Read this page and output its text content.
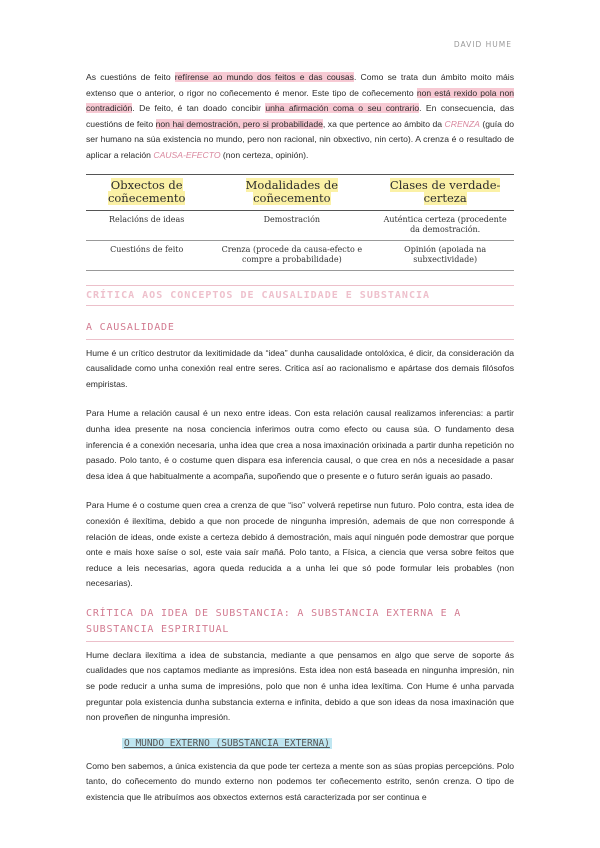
DAVID HUME

As cuestións de feito refírense ao mundo dos feitos e das cousas. Como se trata dun ámbito moito máis extenso que o anterior, o rigor no coñecemento é menor. Este tipo de coñecemento non está rexido pola non contradición. De feito, é tan doado concibir unha afirmación coma o seu contrario. En consecuencia, das cuestións de feito non hai demostración, pero si probabilidade, xa que pertence ao ámbito da CRENZA (guía do ser humano na súa existencia no mundo, pero non racional, nin obxectivo, nin certo). A crenza é o resultado de aplicar a relación CAUSA-EFECTO (non certeza, opinión).

Obxectos de coñecemento	Modalidades de coñecemento	Clases de verdade-certeza
Relacións de ideas	Demostración	Auténtica certeza (procedente da demostración.
Cuestións de feito	Crenza (procede da causa-efecto e compre a probabilidade)	Opinión (apoiada na subxectividade)
CRÍTICA AOS CONCEPTOS DE CAUSALIDADE E SUBSTANCIA
A CAUSALIDADE

Hume é un crítico destrutor da lexitimidade da “idea” dunha causalidade ontolóxica, é dicir, da consideración da causalidade como unha conexión real entre seres. Critica así ao racionalismo e apártase dos demais filósofos empiristas.

Para Hume a relación causal é un nexo entre ideas. Con esta relación causal realizamos inferencias: a partir dunha idea presente na nosa conciencia inferimos outra como efecto ou causa súa. O fundamento desa inferencia é a conexión necesaria, unha idea que crea a nosa imaxinación orixinada a partir dunha repetición no pasado. Polo tanto, é o costume quen dispara esa inferencia causal, o que crea en nós a necesidade a pasar desa idea á que habitualmente a acompaña, supoñendo que o presente e o futuro serán iguais ao pasado.

Para Hume é o costume quen crea a crenza de que “iso” volverá repetirse nun futuro. Polo contra, esta idea de conexión é ilexítima, debido a que non procede de ningunha impresión, ademais de que non corresponde á relación de ideas, onde existe a certeza debido á demostración, mais aquí ninguén pode demostrar que porque onte e mais hoxe saíse o sol, este vaia saír mañá. Polo tanto, a Física, a ciencia que versa sobre feitos que reduce a leis necesarias, agora queda reducida a a unha lei que só pode formular leis probables (non necesarias).

CRÍTICA DA IDEA DE SUBSTANCIA: A SUBSTANCIA EXTERNA E A SUBSTANCIA ESPIRITUAL

Hume declara ilexítima a idea de substancia, mediante a que pensamos en algo que serve de soporte ás cualidades que nos captamos mediante as impresións. Esta idea non está baseada en ningunha impresión, nin se pode reducir a unha suma de impresións, polo que non é unha idea lexítima. Con Hume é unha parvada preguntar pola existencia dunha substancia externa e infinita, debido a que son ideas da nosa imaxinación que non proveñen de ningunha impresión.

O MUNDO EXTERNO (SUBSTANCIA EXTERNA)

Como ben sabemos, a única existencia da que pode ter certeza a mente son as súas propias percepcións. Polo tanto, do coñecemento do mundo externo non podemos ter coñecemento estrito, senón crenza. O tipo de existencia que lle atribuímos aos obxectos externos está caracterizada por ser continua e
